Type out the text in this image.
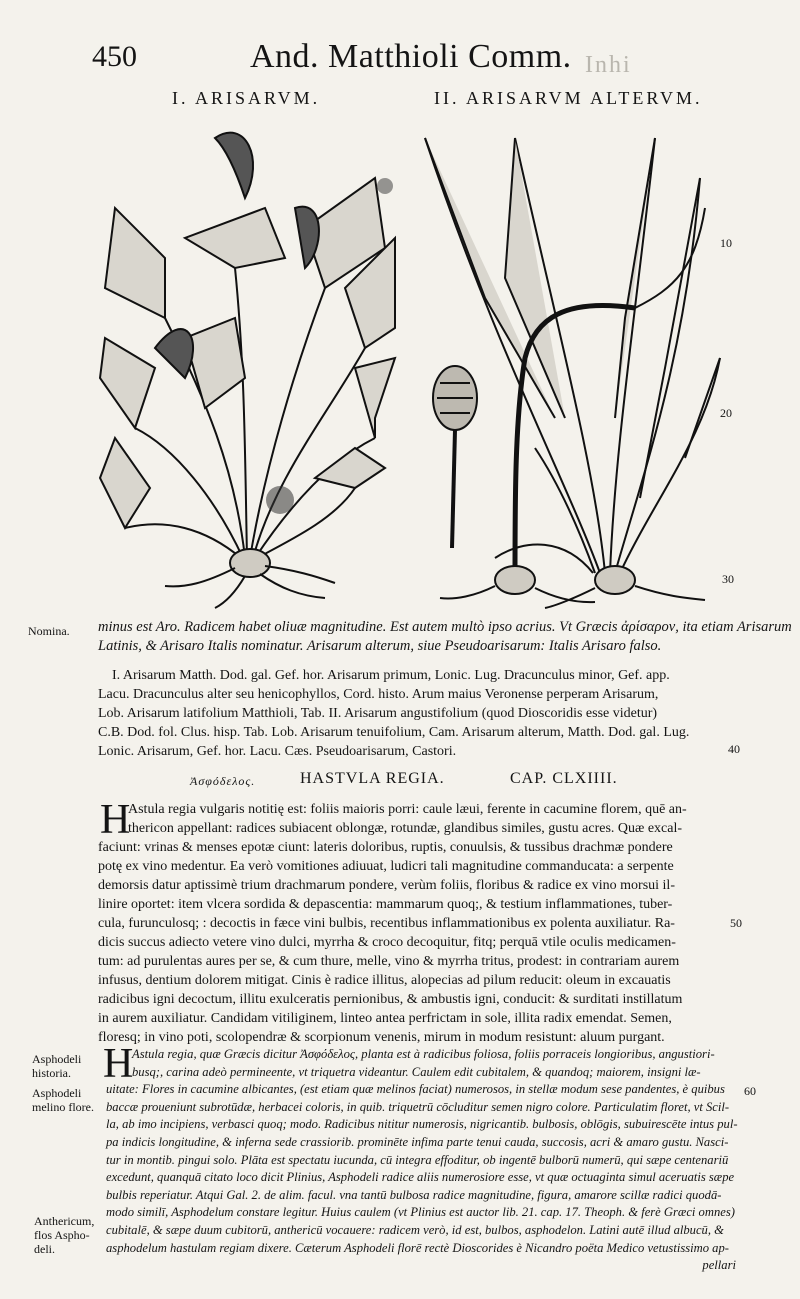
450	And. Matthioli Comm. Inhi
I. ARISARVM.	II. ARISARVM ALTERVM.
10
20
30
40
50
60
Nomina. minus est Aro. Radicem habet oliuæ magnitudine. Est autem multò ipso acrius. Vt Græcis ἀρίσαρον, ita etiam Arisarum
Latinis, & Arisaro Italis nominatur. Arisarum alterum, siue Pseudoarisarum: Italis Arisaro falso.
I. Arisarum Matth. Dod. gal. Gef. hor. Arisarum primum, Lonic. Lug. Dracunculus minor, Gef. app.
Lacu. Dracunculus alter seu henicophyllos, Cord. histo. Arum maius Veronense perperam Arisarum,
Lob. Arisarum latifolium Matthioli, Tab. II. Arisarum angustifolium (quod Dioscoridis esse videtur)
C.B. Dod. fol. Clus. hisp. Tab. Lob. Arisarum tenuifolium, Cam. Arisarum alterum, Matth. Dod. gal. Lug.
Lonic. Arisarum, Gef. hor. Lacu. Cæs. Pseudoarisarum, Castori.
Ἀσφόδελος.	HASTVLA REGIA.	CAP. CLXIIII.
H
Astula regia vulgaris notitię est: foliis maioris porri: caule læui, ferente in cacumine florem, quē an-
thericon appellant: radices subiacent oblongæ, rotundæ, glandibus similes, gustu acres. Quæ excal-
faciunt: vrinas & menses epotæ ciunt: lateris doloribus, ruptis, conuulsis, & tussibus drachmæ pondere
potę ex vino medentur. Ea verò vomitiones adiuuat, ludicri tali magnitudine commanducata: a serpente
demorsis datur aptissimè trium drachmarum pondere, verùm foliis, floribus & radice ex vino morsui il-
linire oportet: item vlcera sordida & depascentia: mammarum quoq;, & testium inflammationes, tuber-
cula, furunculosq; : decoctis in fæce vini bulbis, recentibus inflammationibus ex polenta auxiliatur. Ra-
dicis succus adiecto vetere vino dulci, myrrha & croco decoquitur, fitq; perquā vtile oculis medicamen-
tum: ad purulentas aures per se, & cum thure, melle, vino & myrrha tritus, prodest: in contrariam aurem
infusus, dentium dolorem mitigat. Cinis è radice illitus, alopecias ad pilum reducit: oleum in excauatis
radicibus igni decoctum, illitu exulceratis pernionibus, & ambustis igni, conducit: & surditati instillatum
in aurem auxiliatur. Candidam vitiliginem, linteo antea perfrictam in sole, illita radix emendat. Semen,
floresq; in vino poti, scolopendræ & scorpionum venenis, mirum in modum resistunt: aluum purgant.
Asphodeli
historia.
Asphodeli
melino flore.
Anthericum,
flos Aspho-
deli.
H
Astula regia, quæ Græcis dicitur Ἀσφόδελος, planta est à radicibus foliosa, foliis porraceis longioribus, angustiori-
busq;, carina adeò permineente, vt triquetra videantur. Caulem edit cubitalem, & quandoq; maiorem, insigni læ-
uitate: Flores in cacumine albicantes, (est etiam quæ melinos faciat) numerosos, in stellæ modum sese pandentes, è quibus
baccæ proueniunt subrotūdæ, herbacei coloris, in quib. triquetrū cōcluditur semen nigro colore. Particulatim floret, vt Scil-
la, ab imo incipiens, verbasci quoq; modo. Radicibus nititur numerosis, nigricantib. bulbosis, oblōgis, subuirescēte intus pul-
pa indicis longitudine, & inferna sede crassiorib. prominēte infima parte tenui cauda, succosis, acri & amaro gustu. Nasci-
tur in montib. pingui solo. Plāta est spectatu iucunda, cū integra effoditur, ob ingentē bulborū numerū, qui sæpe centenariū
excedunt, quanquā citato loco dicit Plinius, Asphodeli radice aliis numerosiore esse, vt quæ octuaginta simul aceruatis sæpe
bulbis reperiatur. Atqui Gal. 2. de alim. facul. vna tantū bulbosa radice magnitudine, figura, amarore scillæ radici quodā-
modo similī, Asphodelum constare legitur. Huius caulem (vt Plinius est auctor lib. 21. cap. 17. Theoph. & ferè Græci omnes)
cubitalē, & sæpe duum cubitorū, anthericū vocauere: radicem verò, id est, bulbos, asphodelon. Latini autē illud albucū, &
asphodelum hastulam regiam dixere. Cæterum Asphodeli florē rectè Dioscorides è Nicandro poëta Medico vetustissimo ap-
pellari
